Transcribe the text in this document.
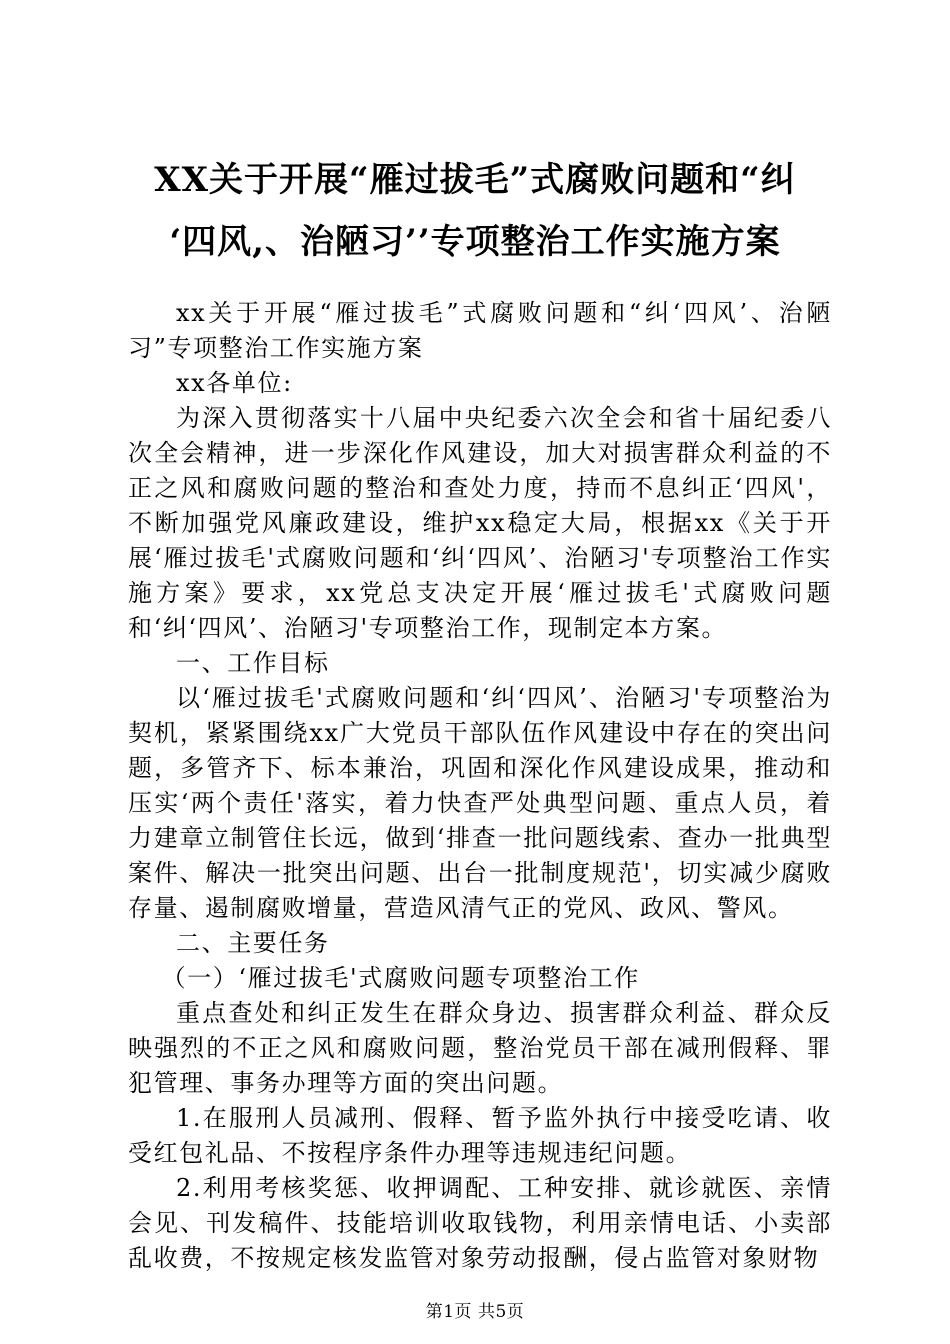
XX关于开展“雁过拔毛”式腐败问题和“纠
‘四风,、治陋习’’专项整治工作实施方案

xx关于开展“雁过拔毛”式腐败问题和“纠‘四风’、治陋习”专项整治工作实施方案

xx各单位:

为深入贯彻落实十八届中央纪委六次全会和省十届纪委八次全会精神，进一步深化作风建设，加大对损害群众利益的不正之风和腐败问题的整治和查处力度，持而不息纠正‘四风'，不断加强党风廉政建设，维护xx稳定大局，根据xx《关于开展‘雁过拔毛'式腐败问题和‘纠‘四风’、治陋习'专项整治工作实施方案》要求，xx党总支决定开展‘雁过拔毛'式腐败问题和‘纠‘四风’、治陋习'专项整治工作，现制定本方案。

一、工作目标

以‘雁过拔毛'式腐败问题和‘纠‘四风’、治陋习'专项整治为契机，紧紧围绕xx广大党员干部队伍作风建设中存在的突出问题，多管齐下、标本兼治，巩固和深化作风建设成果，推动和压实‘两个责任'落实，着力快查严处典型问题、重点人员，着力建章立制管住长远，做到‘排查一批问题线索、查办一批典型案件、解决一批突出问题、出台一批制度规范'，切实减少腐败存量、遏制腐败增量，营造风清气正的党风、政风、警风。

二、主要任务

（一）‘雁过拔毛'式腐败问题专项整治工作

重点查处和纠正发生在群众身边、损害群众利益、群众反映强烈的不正之风和腐败问题，整治党员干部在减刑假释、罪犯管理、事务办理等方面的突出问题。

1.在服刑人员减刑、假释、暂予监外执行中接受吃请、收受红包礼品、不按程序条件办理等违规违纪问题。

2.利用考核奖惩、收押调配、工种安排、就诊就医、亲情会见、刊发稿件、技能培训收取钱物，利用亲情电话、小卖部乱收费，不按规定核发监管对象劳动报酬，侵占监管对象财物

第1页 共5页
